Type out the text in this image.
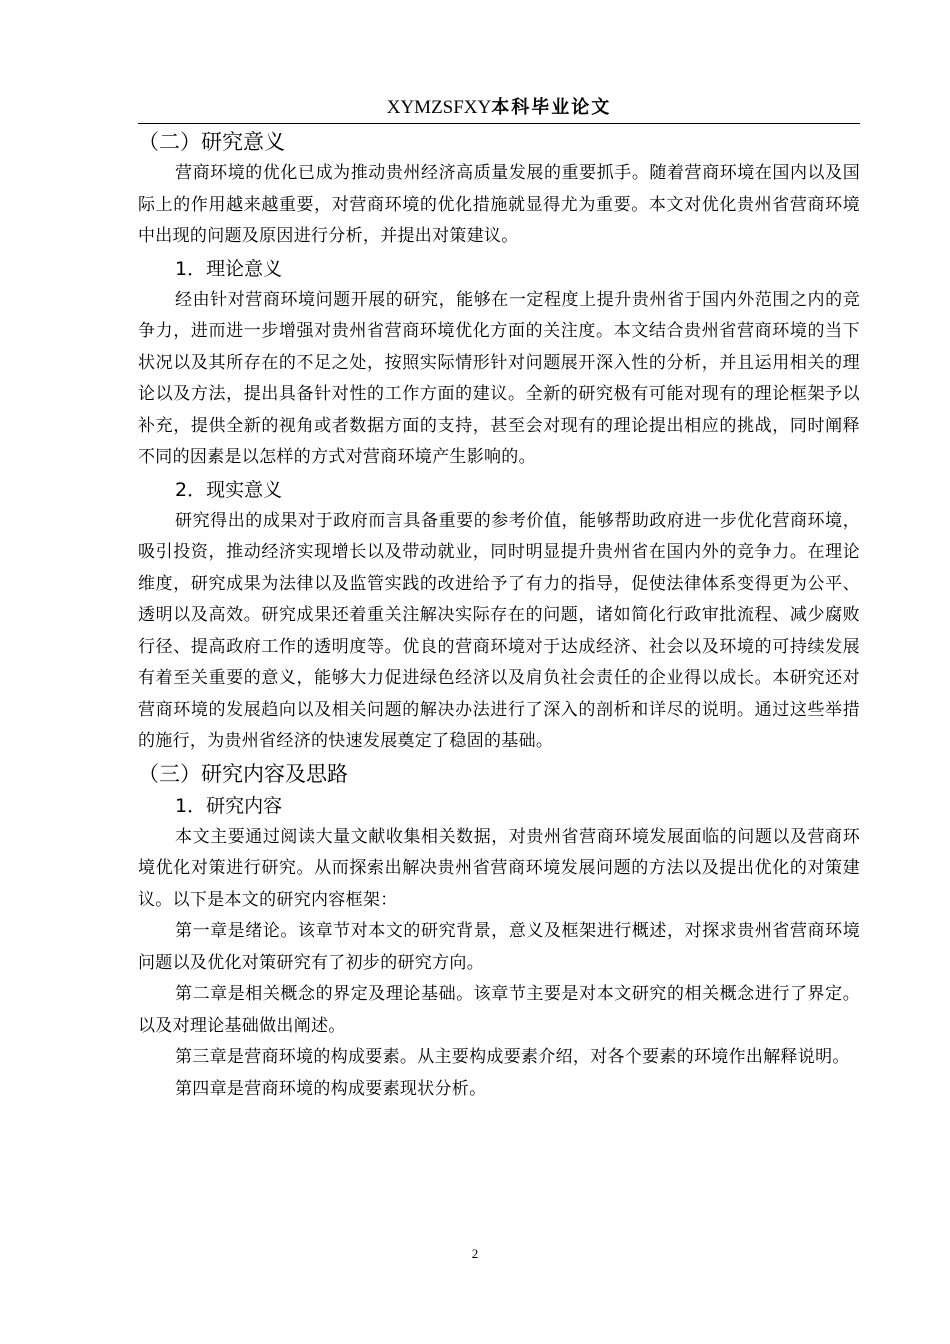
XYMZSFXY本科毕业论文
（二）研究意义

营商环境的优化已成为推动贵州经济高质量发展的重要抓手。随着营商环境在国内以及国际上的作用越来越重要，对营商环境的优化措施就显得尤为重要。本文对优化贵州省营商环境中出现的问题及原因进行分析，并提出对策建议。

1．理论意义

经由针对营商环境问题开展的研究，能够在一定程度上提升贵州省于国内外范围之内的竞争力，进而进一步增强对贵州省营商环境优化方面的关注度。本文结合贵州省营商环境的当下状况以及其所存在的不足之处，按照实际情形针对问题展开深入性的分析，并且运用相关的理论以及方法，提出具备针对性的工作方面的建议。全新的研究极有可能对现有的理论框架予以补充，提供全新的视角或者数据方面的支持，甚至会对现有的理论提出相应的挑战，同时阐释不同的因素是以怎样的方式对营商环境产生影响的。

2．现实意义

研究得出的成果对于政府而言具备重要的参考价值，能够帮助政府进一步优化营商环境，吸引投资，推动经济实现增长以及带动就业，同时明显提升贵州省在国内外的竞争力。在理论维度，研究成果为法律以及监管实践的改进给予了有力的指导，促使法律体系变得更为公平、透明以及高效。研究成果还着重关注解决实际存在的问题，诸如简化行政审批流程、减少腐败行径、提高政府工作的透明度等。优良的营商环境对于达成经济、社会以及环境的可持续发展有着至关重要的意义，能够大力促进绿色经济以及肩负社会责任的企业得以成长。本研究还对营商环境的发展趋向以及相关问题的解决办法进行了深入的剖析和详尽的说明。通过这些举措的施行，为贵州省经济的快速发展奠定了稳固的基础。

（三）研究内容及思路
1．研究内容

本文主要通过阅读大量文献收集相关数据，对贵州省营商环境发展面临的问题以及营商环境优化对策进行研究。从而探索出解决贵州省营商环境发展问题的方法以及提出优化的对策建议。以下是本文的研究内容框架：

第一章是绪论。该章节对本文的研究背景，意义及框架进行概述，对探求贵州省营商环境问题以及优化对策研究有了初步的研究方向。

第二章是相关概念的界定及理论基础。该章节主要是对本文研究的相关概念进行了界定。以及对理论基础做出阐述。

第三章是营商环境的构成要素。从主要构成要素介绍，对各个要素的环境作出解释说明。

第四章是营商环境的构成要素现状分析。

2
